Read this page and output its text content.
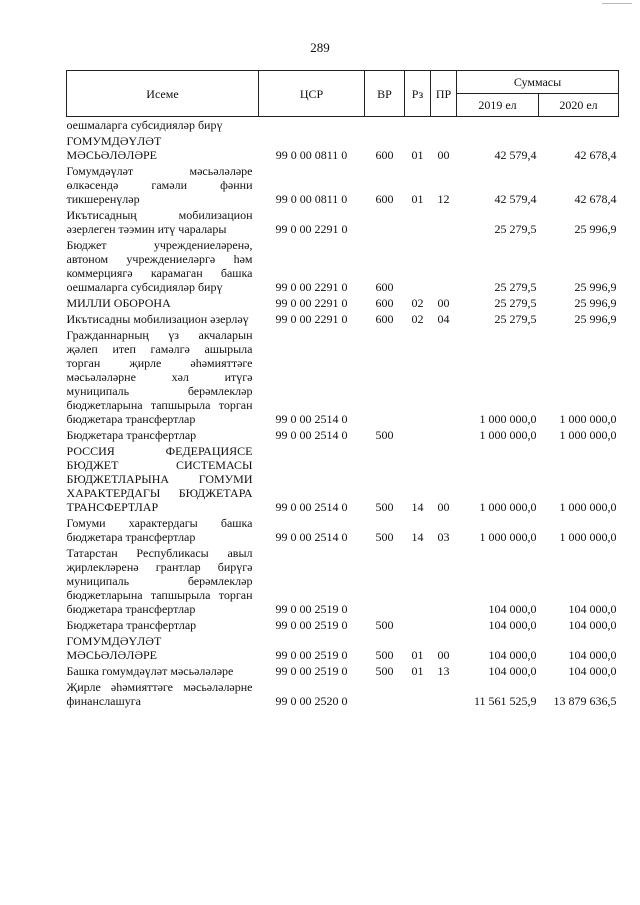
289
Исеме	ЦСР	ВР	Рз	ПР	Суммасы	
					2019 ел	2020 ел
оешмаларга субсидияләр бирү						
ГОМУМДӘҮЛӘТ МӘСЬӘЛӘЛӘРЕ	99 0 00 0811 0	600	01	00	42 579,4	42 678,4
Гомумдәүләт мәсьәләләре өлкәсендә гамәли фәнни тикшеренүләр	99 0 00 0811 0	600	01	12	42 579,4	42 678,4
Икътисадның мобилизацион әзерлеген тәэмин итү чаралары	99 0 00 2291 0				25 279,5	25 996,9
Бюджет учреждениеләренә, автоном учреждениеләргә һәм коммерциягә карамаган башка оешмаларга субсидияләр бирү	99 0 00 2291 0	600			25 279,5	25 996,9
МИЛЛИ ОБОРОНА	99 0 00 2291 0	600	02	00	25 279,5	25 996,9
Икътисадны мобилизацион әзерләү	99 0 00 2291 0	600	02	04	25 279,5	25 996,9
Гражданнарның үз акчаларын җәлеп итеп гамәлгә ашырыла торган җирле әһәмияттәге мәсьәләләрне хәл итүгә муниципаль берәмлекләр бюджетларына тапшырыла торган бюджетара трансфертлар	99 0 00 2514 0				1 000 000,0	1 000 000,0
Бюджетара трансфертлар	99 0 00 2514 0	500			1 000 000,0	1 000 000,0
РОССИЯ ФЕДЕРАЦИЯСЕ БЮДЖЕТ СИСТЕМАСЫ БЮДЖЕТЛАРЫНА ГОМУМИ ХАРАКТЕРДАГЫ БЮДЖЕТАРА ТРАНСФЕРТЛАР	99 0 00 2514 0	500	14	00	1 000 000,0	1 000 000,0
Гомуми характердагы башка бюджетара трансфертлар	99 0 00 2514 0	500	14	03	1 000 000,0	1 000 000,0
Татарстан Республикасы авыл җирлекләренә грантлар бирүгә муниципаль берәмлекләр бюджетларына тапшырыла торган бюджетара трансфертлар	99 0 00 2519 0				104 000,0	104 000,0
Бюджетара трансфертлар	99 0 00 2519 0	500			104 000,0	104 000,0
ГОМУМДӘҮЛӘТ МӘСЬӘЛӘЛӘРЕ	99 0 00 2519 0	500	01	00	104 000,0	104 000,0
Башка гомумдәүләт мәсьәләләре	99 0 00 2519 0	500	01	13	104 000,0	104 000,0
Җирле әһәмияттәге мәсьәләләрне финанслашуга	99 0 00 2520 0				11 561 525,9	13 879 636,5
